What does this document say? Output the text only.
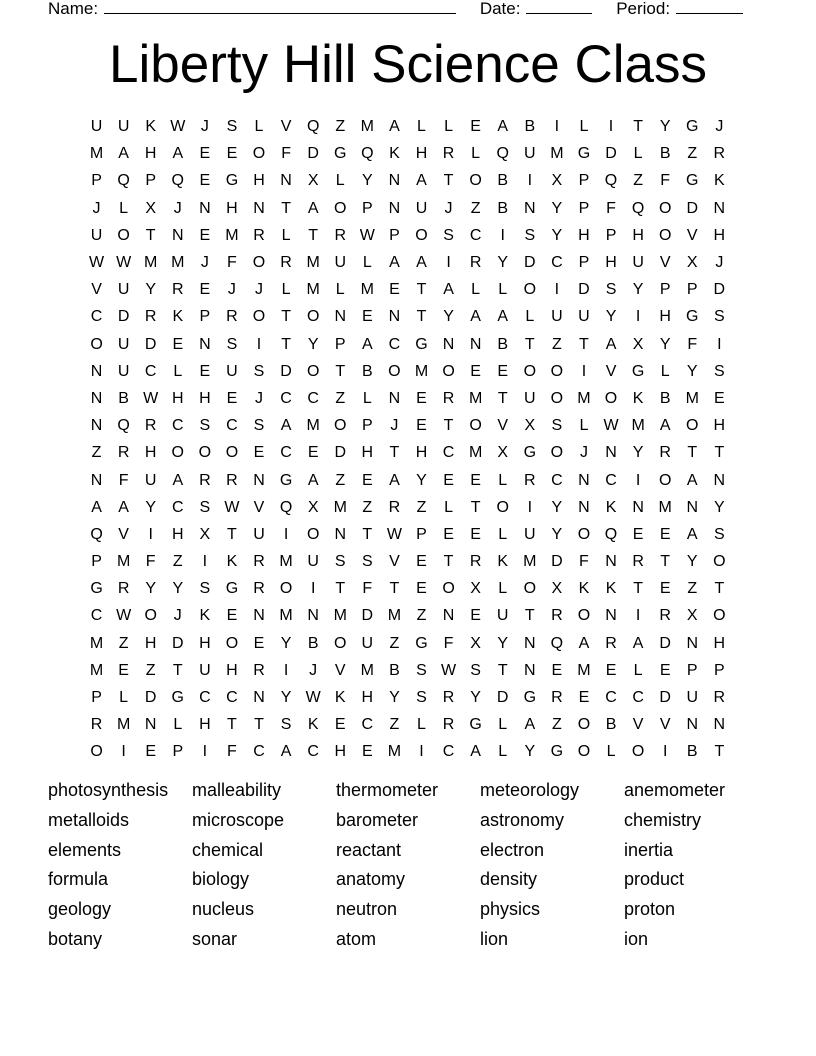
Name:	Date:	Period:
Liberty Hill Science Class
U U K W J	S	L	V Q Z M A	L	L	E	A	B	I	L	I	T	Y G	J
M A H A	E	E O F	D G Q K H R	L	Q U M G D	L	B	Z	R
P Q P Q E G H N X	L	Y N A	T O B	I	X	P Q Z	F G K
J	L	X	J	N H N	T	A O P N U	J	Z	B N Y	P	F Q O D N
U O T	N E M R	L	T	R W P O S C	I	S	Y H P H O V H
W W M M	J	F O R M U	L	A	A	I	R Y D C P H U V	X	J
V U Y R E	J	J	L M L M E	T	A	L	L	O	I	D S	Y	P	P D
C D R K	P R O T O N E N	T	Y	A	A	L	U U Y	I	H G S
O U D E N S	I	T	Y	P	A C G N N B	T	Z	T	A	X	Y	F	I
N U C	L	E U S D O T	B O M O E	E O O	I	V G	L	Y	S
N B W H H E	J	C C	Z	L	N E R M T	U O M O K	B M E
N Q R C S C S	A M O P	J	E	T O V	X	S	L W M A O H
Z	R H O O O E C E D H	T	H C M X G O	J	N Y R	T	T
N	F	U A R R N G A	Z	E	A	Y	E	E	L	R C N C	I	O A N
A	A	Y C S W V Q X M Z	R	Z	L	T O	I	Y N K N M N Y
Q V	I	H X	T	U	I	O N	T W P	E	E	L	U Y O Q E	E	A	S
P M F	Z	I	K R M U S	S	V	E	T	R K M D	F	N R	T	Y O
G R Y	Y	S G R O	I	T	F	T	E O X	L	O X	K	K	T	E	Z	T
C W O	J	K	E N M N M D M Z	N E U	T	R O N	I	R X O
M Z	H D H O E	Y	B O U	Z G F	X	Y N Q A R A D N H
M E	Z	T	U H R	I	J	V M B	S W S	T	N E M E	L	E	P	P
P	L	D G C C N Y W K H Y	S R Y D G R E C C D U R
R M N	L	H	T	T	S	K	E C	Z	L	R G	L	A	Z O B	V	V N N
O	I	E	P	I	F	C A C H E M	I	C A	L	Y G O	L	O	I	B	T
photosynthesis	malleability	thermometer	meteorology	anemometer
metalloids	microscope	barometer	astronomy	chemistry
elements	chemical	reactant	electron	inertia
formula	biology	anatomy	density	product
geology	nucleus	neutron	physics	proton
botany	sonar	atom	lion	ion
